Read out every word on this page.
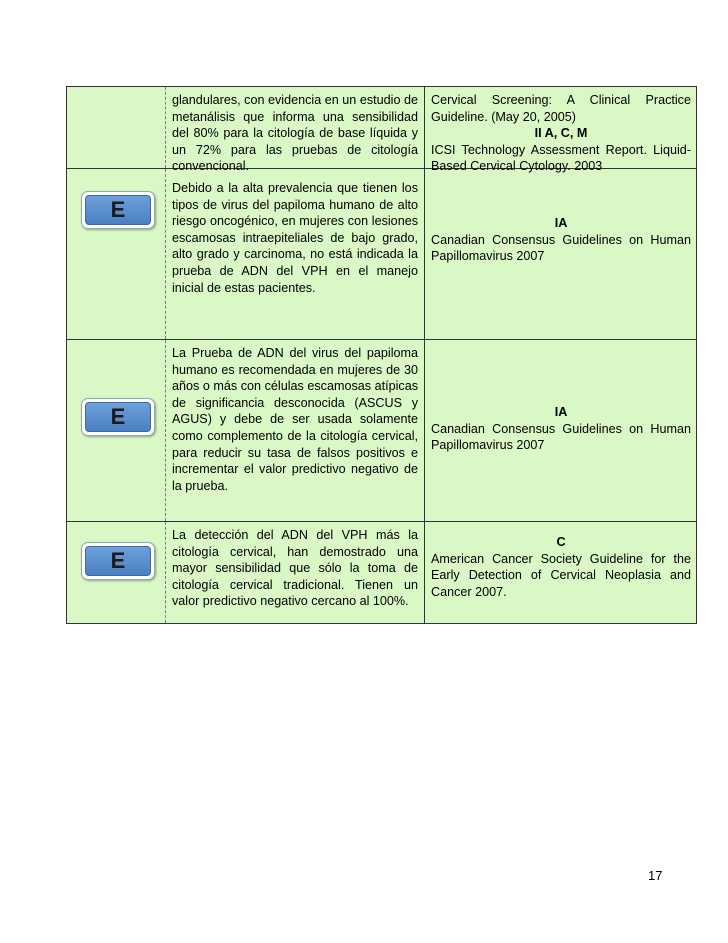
glandulares, con evidencia en un estudio de metanálisis que informa una sensibilidad del 80% para la citología de base líquida y un 72% para las pruebas de citología convencional.

Cervical Screening: A Clinical Practice Guideline. (May 20, 2005)

II A, C, M

ICSI Technology Assessment Report. Liquid-Based Cervical Cytology. 2003

E

Debido a la alta prevalencia que tienen los tipos de virus del papiloma humano de alto riesgo oncogénico, en mujeres con lesiones escamosas intraepiteliales de bajo grado, alto grado y carcinoma, no está indicada la prueba de ADN del VPH en el manejo inicial de estas pacientes.

IA

Canadian Consensus Guidelines on Human Papillomavirus 2007

E

La Prueba de ADN del virus del papiloma humano es recomendada en mujeres de 30 años o más con células escamosas atípicas de significancia desconocida (ASCUS y AGUS) y debe de ser usada solamente como complemento de la citología cervical, para reducir su tasa de falsos positivos e incrementar el valor predictivo negativo de la prueba.

IA

Canadian Consensus Guidelines on Human Papillomavirus 2007

E

La detección del ADN del VPH más la citología cervical, han demostrado una mayor sensibilidad que sólo la toma de citología cervical tradicional. Tienen un valor predictivo negativo cercano al 100%.

C

American Cancer Society Guideline for the Early Detection of Cervical Neoplasia and Cancer 2007.

17
